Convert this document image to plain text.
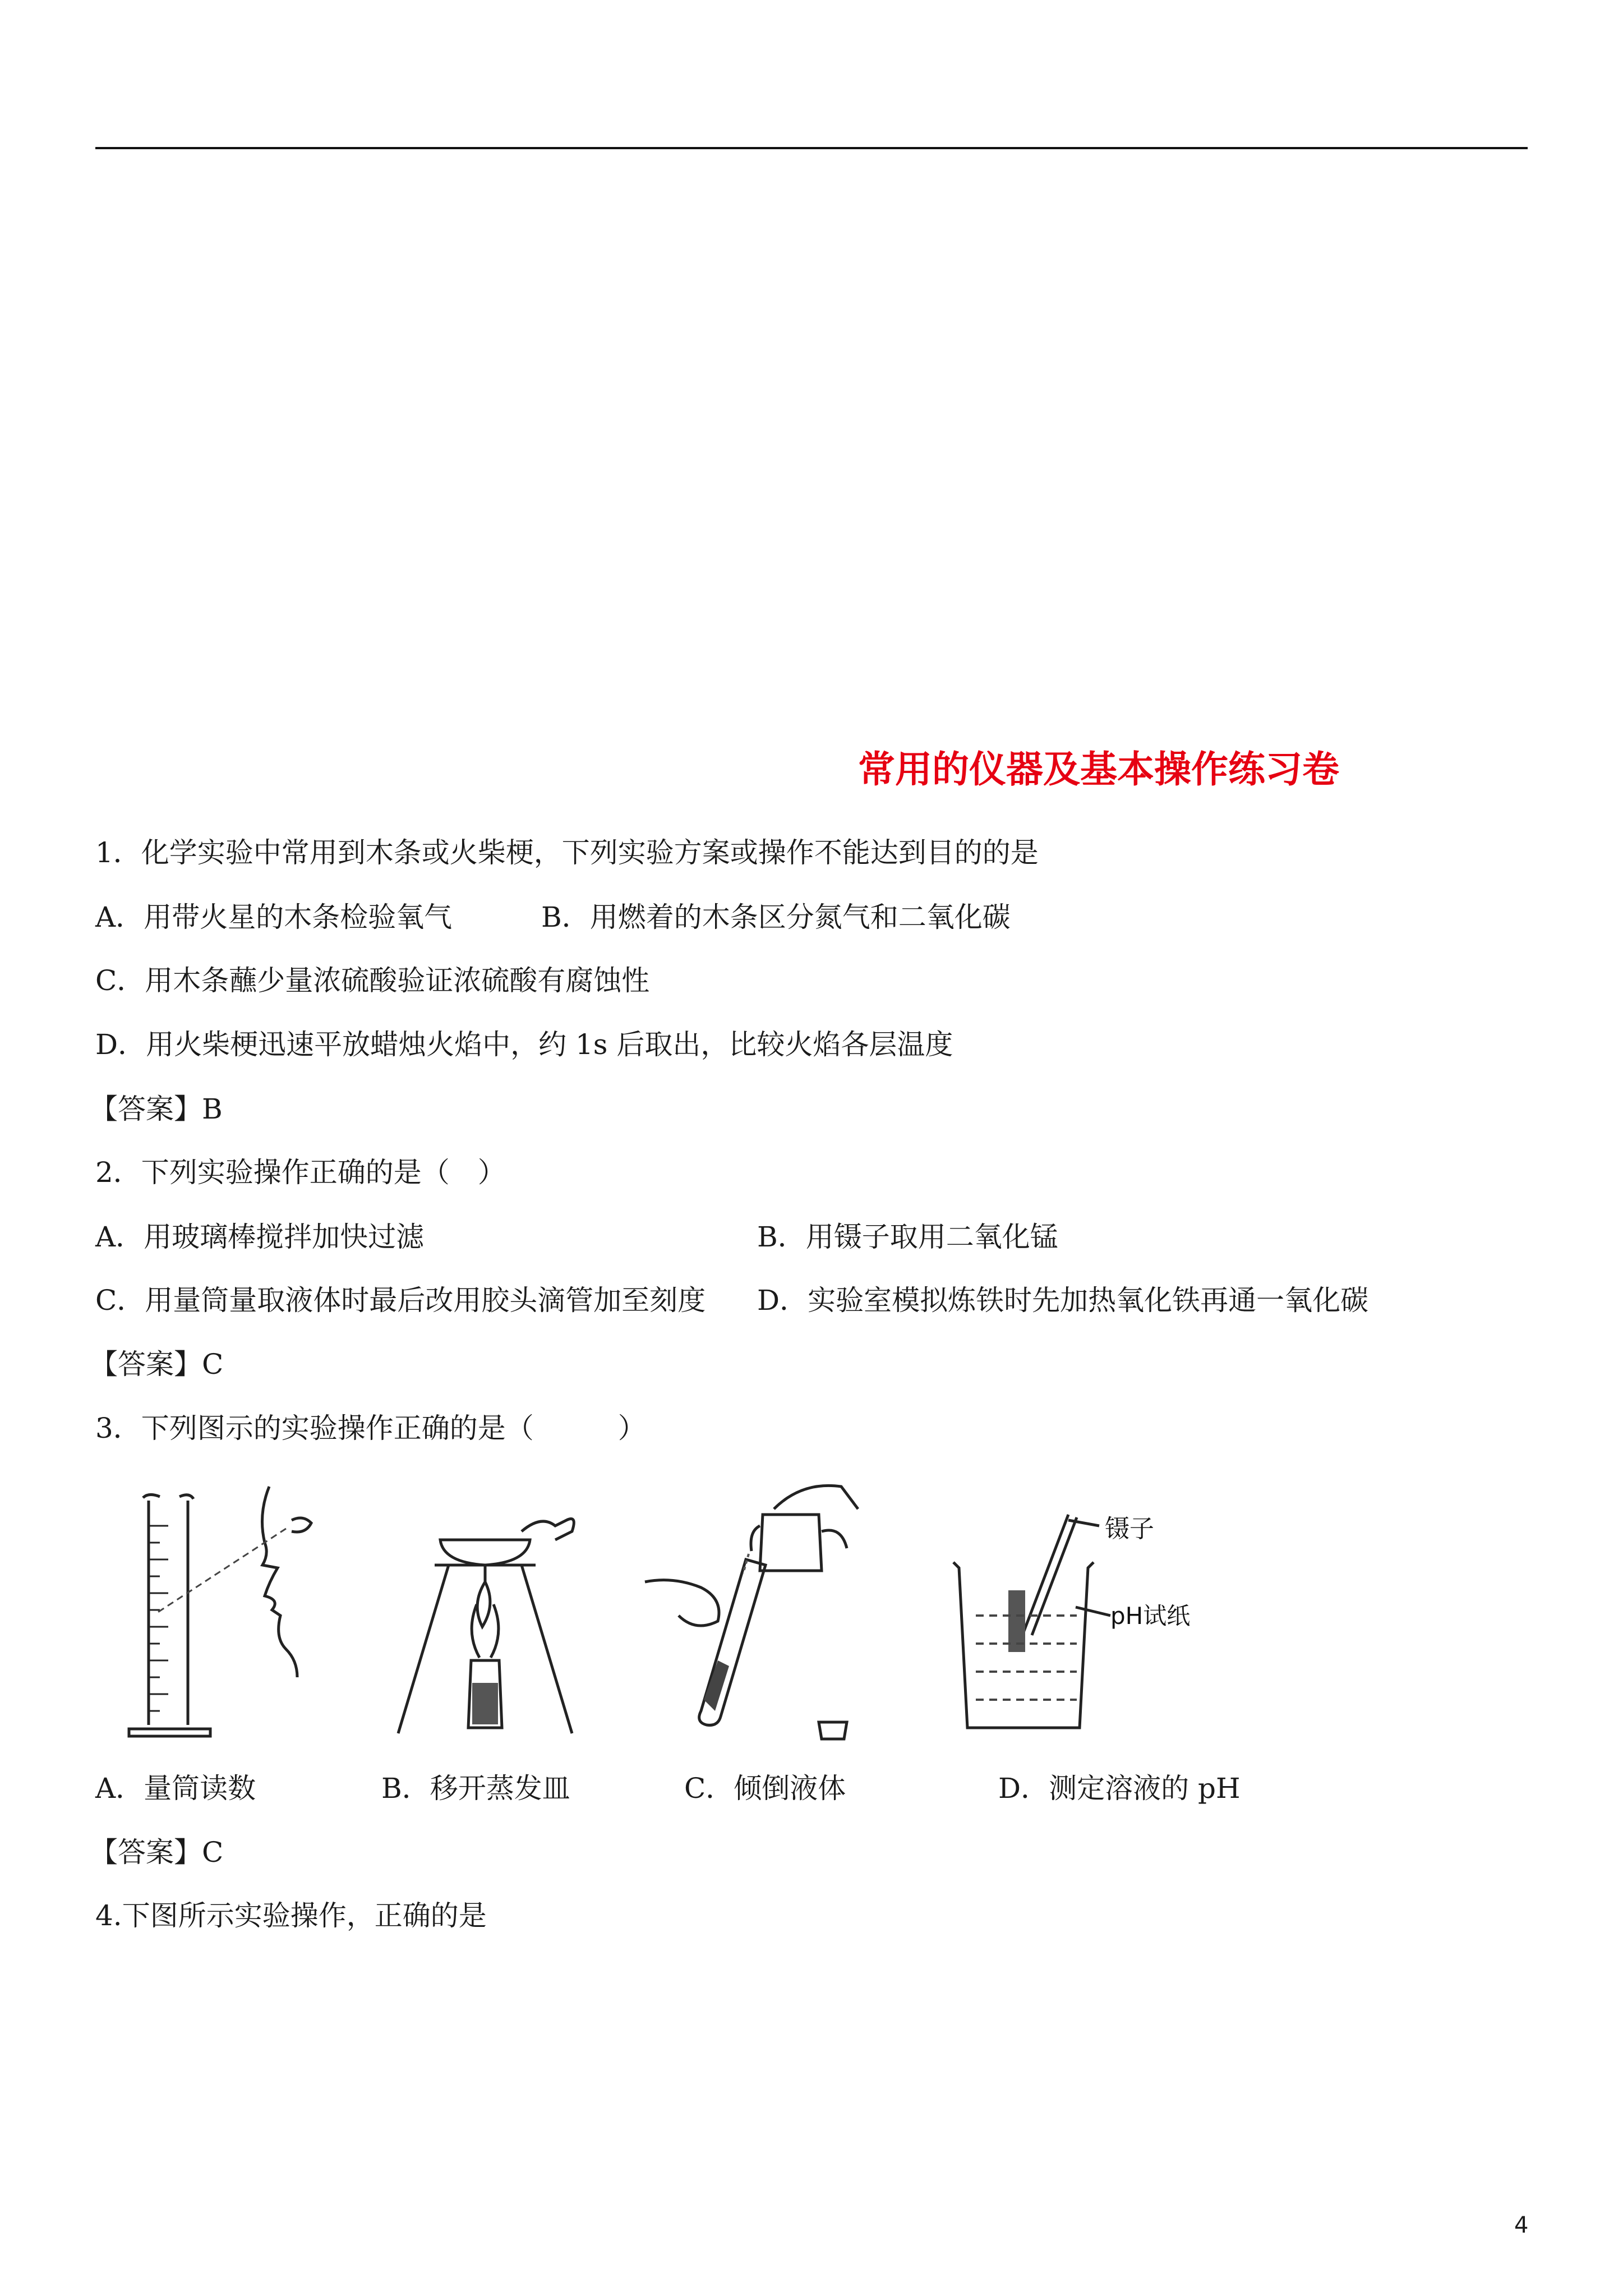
常用的仪器及基本操作练习卷
1．化学实验中常用到木条或火柴梗，下列实验方案或操作不能达到目的的是
A．用带火星的木条检验氧气	B．用燃着的木条区分氮气和二氧化碳
C．用木条蘸少量浓硫酸验证浓硫酸有腐蚀性
D．用火柴梗迅速平放蜡烛火焰中，约 1s 后取出，比较火焰各层温度
【答案】B
2．下列实验操作正确的是（　）
A．用玻璃棒搅拌加快过滤	B．用镊子取用二氧化锰
C．用量筒量取液体时最后改用胶头滴管加至刻度 D．实验室模拟炼铁时先加热氧化铁再通一氧化碳
【答案】C
3．下列图示的实验操作正确的是（　　　）
镊子
pH试纸
A．量筒读数	B．移开蒸发皿	C．倾倒液体	D．测定溶液的 pH
【答案】C
4.下图所示实验操作，正确的是
4
